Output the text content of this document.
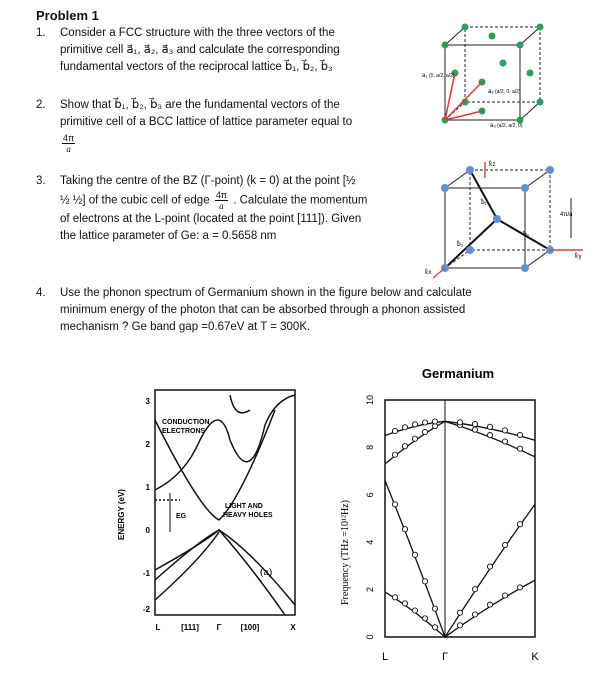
Problem 1
1. Consider a FCC structure with the three vectors of the
primitive cell a⃗₁, a⃗₂, a⃗₃ and calculate the corresponding
fundamental vectors of the reciprocal lattice b⃗₁, b⃗₂, b⃗₃
2. Show that b⃗₁, b⃗₂, b⃗₃ are the fundamental vectors of the
primitive cell of a BCC lattice of lattice parameter equal to
$\frac{4\pi}{a}$
3. Taking the centre of the BZ (Γ-point) (k = 0) at the point [½
½ ½] of the cubic cell of edge $\frac{4\pi}{a}$ . Calculate the momentum
of electrons at the L-point (located at the point [111]). Given
the lattice parameter of Ge: a = 0.5658 nm
4. Use the phonon spectrum of Germanium shown in the figure below and calculate
minimum energy of the photon that can be absorbed through a phonon assisted
mechanism ? Ge band gap =0.67eV at T = 300K.
a₁ (0, a/2, a/2)
a₂ (a/2, 0, a/2)
a₃ (a/2, a/2, 0)
k⃗z
b⃗₁
b⃗₂
b⃗₃
k⃗x
k⃗y
4π/a
ENERGY (eV)
3
2
1
0
-1
-2
L	[111] Γ [100]	X
CONDUCTION
ELECTRONS
LIGHT AND
HEAVY HOLES
EG
(a)
Germanium
Frequency (THz =10¹²Hz)
0
2
4
6
8
10
L	Γ	K
